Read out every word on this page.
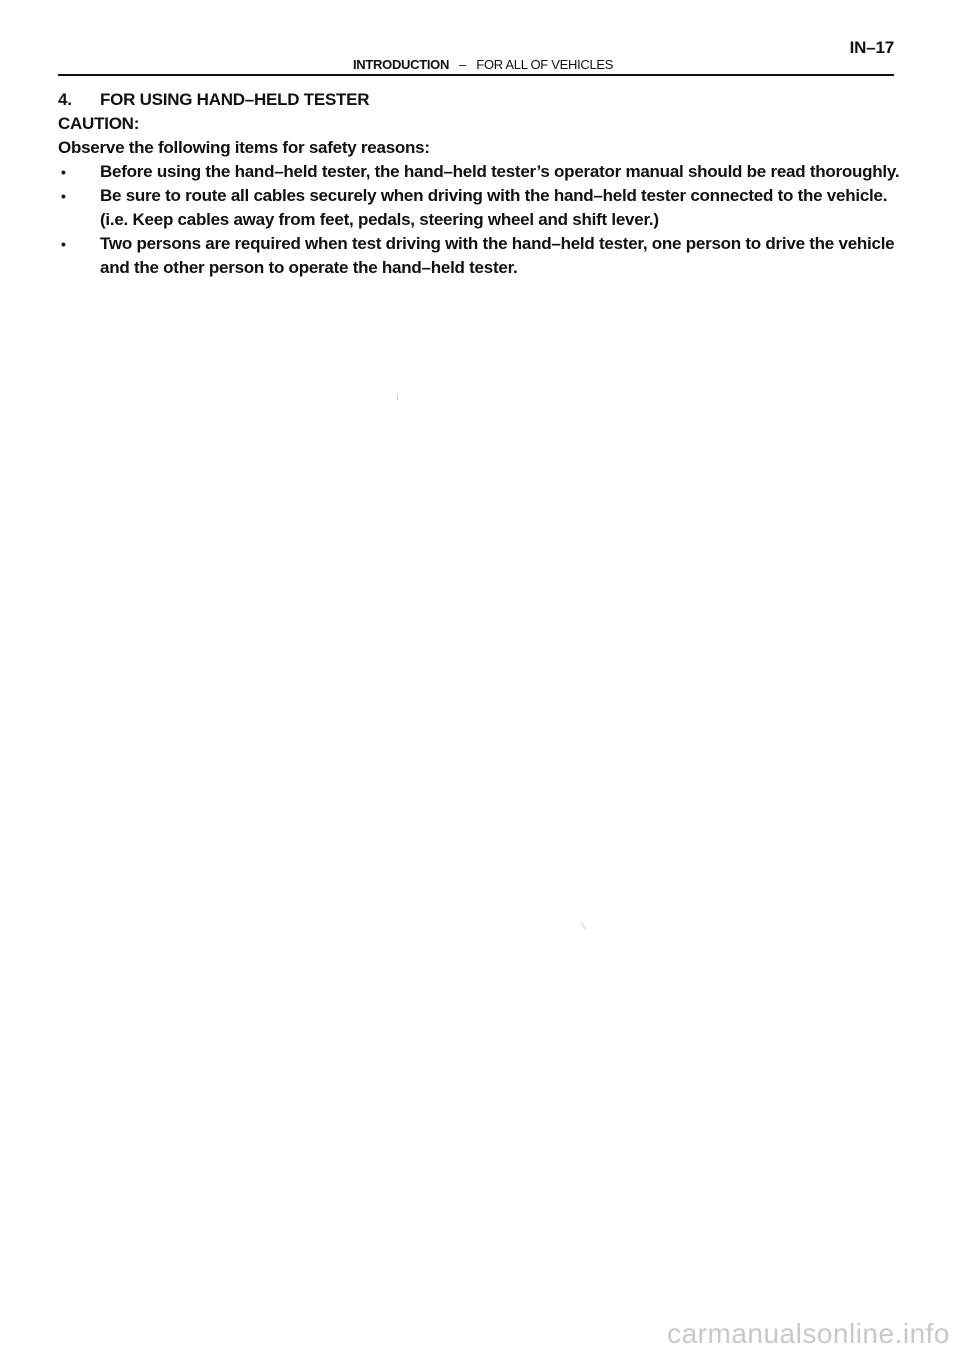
IN–17
INTRODUCTION – FOR ALL OF VEHICLES
4.	FOR USING HAND–HELD TESTER
CAUTION:
Observe the following items for safety reasons:
• Before using the hand–held tester, the hand–held tester’s operator manual should be read thoroughly.
• Be sure to route all cables securely when driving with the hand–held tester connected to the vehicle. (i.e. Keep cables away from feet, pedals, steering wheel and shift lever.)
• Two persons are required when test driving with the hand–held tester, one person to drive the vehicle and the other person to operate the hand–held tester.
carmanualsonline.info
